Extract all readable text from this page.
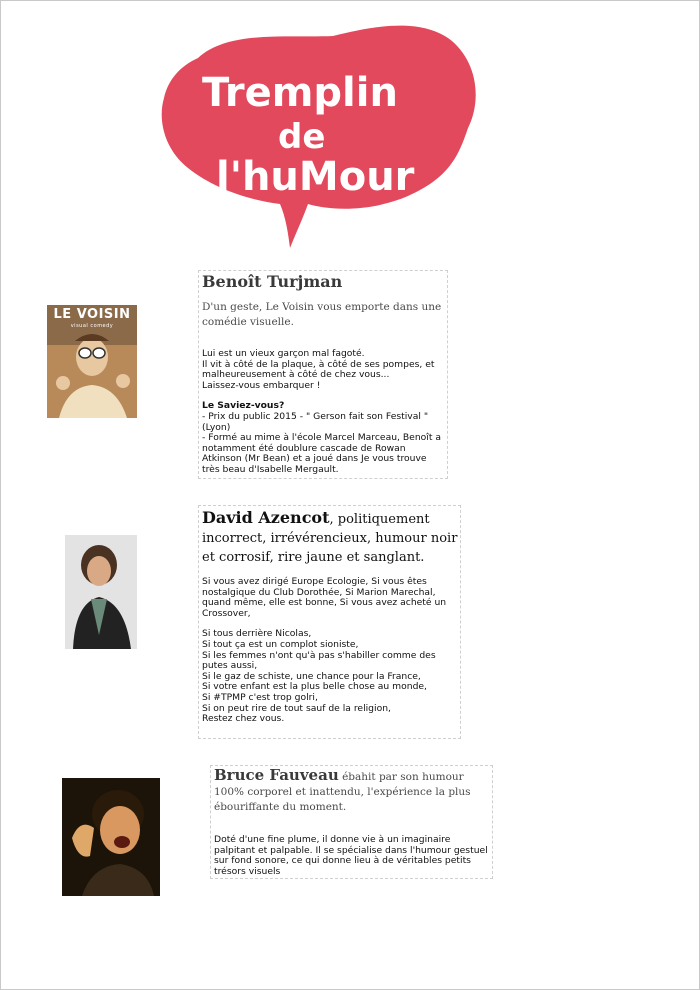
Tremplin
de
l'huMour
LE VOISIN
visual comedy
Benoît Turjman
D'un geste, Le Voisin vous emporte dans une comédie visuelle.
Lui est un vieux garçon mal fagoté.
Il vit à côté de la plaque, à côté de ses pompes, et malheureusement à côté de chez vous...
Laissez-vous embarquer !
Le Saviez-vous?
- Prix du public 2015 - " Gerson fait son Festival " (Lyon)
- Formé au mime à l'école Marcel Marceau, Benoît a notamment été doublure cascade de Rowan Atkinson (Mr Bean) et a joué dans Je vous trouve très beau d'Isabelle Mergault.
David Azencot, politiquement incorrect, irrévérencieux, humour noir et corrosif, rire jaune et sanglant.
Si vous avez dirigé Europe Ecologie, Si vous êtes nostalgique du Club Dorothée, Si Marion Marechal, quand même, elle est bonne, Si vous avez acheté un Crossover,
Si tous derrière Nicolas,
Si tout ça est un complot sioniste,
Si les femmes n'ont qu'à pas s'habiller comme des putes aussi,
Si le gaz de schiste, une chance pour la France,
Si votre enfant est la plus belle chose au monde,
Si #TPMP c'est trop golri,
Si on peut rire de tout sauf de la religion,
Restez chez vous.
Bruce Fauveau ébahit par son humour 100% corporel et inattendu, l'expérience la plus ébouriffante du moment.
Doté d'une fine plume, il donne vie à un imaginaire palpitant et palpable. Il se spécialise dans l'humour gestuel sur fond sonore, ce qui donne lieu à de véritables petits trésors visuels
